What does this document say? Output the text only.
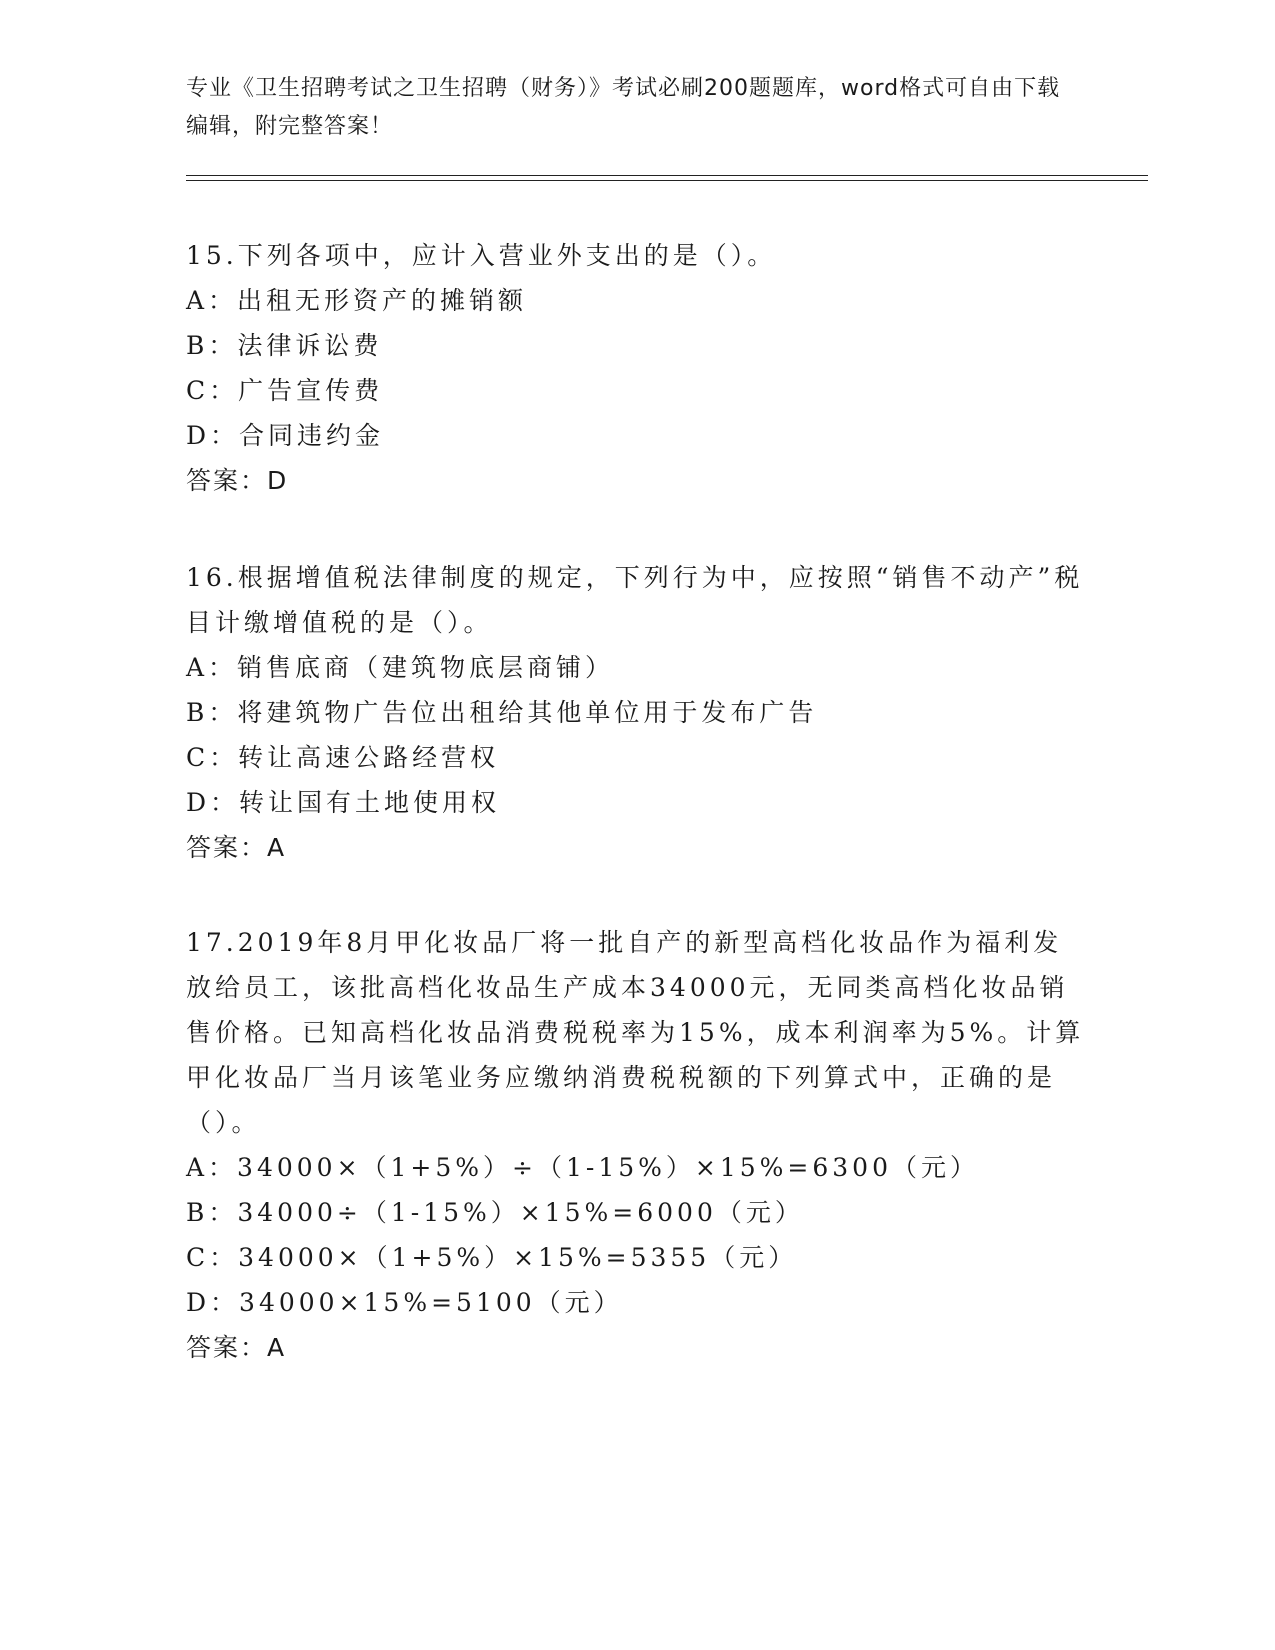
专业《卫生招聘考试之卫生招聘（财务）》考试必刷200题题库，word格式可自由下载编辑，附完整答案！
15.下列各项中，应计入营业外支出的是（）。
A：出租无形资产的摊销额
B：法律诉讼费
C：广告宣传费
D：合同违约金
答案：D
16.根据增值税法律制度的规定，下列行为中，应按照“销售不动产”税目计缴增值税的是（）。
A：销售底商（建筑物底层商铺）
B：将建筑物广告位出租给其他单位用于发布广告
C：转让高速公路经营权
D：转让国有土地使用权
答案：A
17.2019年8月甲化妆品厂将一批自产的新型高档化妆品作为福利发放给员工，该批高档化妆品生产成本34000元，无同类高档化妆品销售价格。已知高档化妆品消费税税率为15%，成本利润率为5%。计算甲化妆品厂当月该笔业务应缴纳消费税税额的下列算式中，正确的是（）。
A：34000×（1+5%）÷（1-15%）×15%=6300（元）
B：34000÷（1-15%）×15%=6000（元）
C：34000×（1+5%）×15%=5355（元）
D：34000×15%=5100（元）
答案：A
